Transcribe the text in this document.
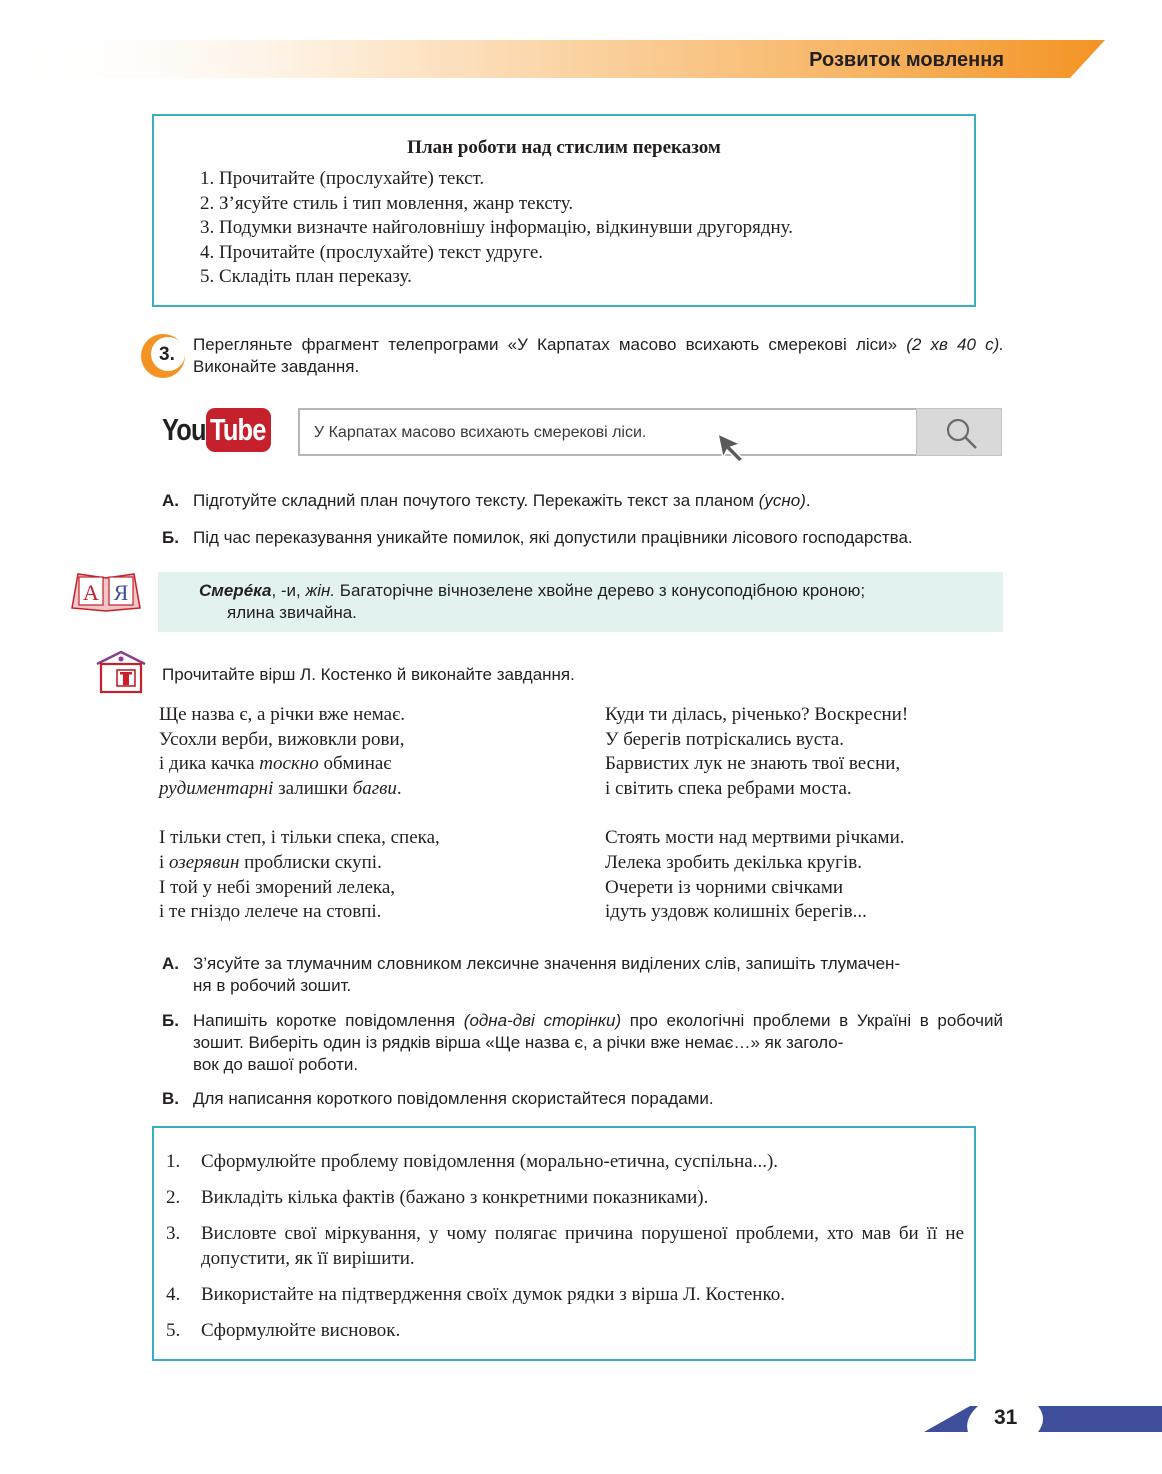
Розвиток мовлення
План роботи над стислим переказом
1. Прочитайте (прослухайте) текст.
2. З’ясуйте стиль і тип мовлення, жанр тексту.
3. Подумки визначте найголовнішу інформацію, відкинувши другорядну.
4. Прочитайте (прослухайте) текст удруге.
5. Складіть план переказу.
3. Перегляньте фрагмент телепрограми «У Карпатах масово всихають смерекові ліси» (2 хв 40 с). Виконайте завдання.
You Tube	У Карпатах масово всихають смерекові ліси.
А. Підготуйте складний план почутого тексту. Перекажіть текст за планом (усно).
Б. Під час переказування уникайте помилок, які допустили працівники лісового господарства.
А Я	Смерéка, -и, жін. Багаторічне вічнозелене хвойне дерево з конусоподібною кроною;
ялина звичайна.
Прочитайте вірш Л. Костенко й виконайте завдання.
Ще назва є, а річки вже немає.
Усохли верби, вижовкли рови,
і дика качка тоскно обминає
рудиментарні залишки багви.
І тільки степ, і тільки спека, спека,
і озерявин проблиски скупі.
І той у небі зморений лелека,
і те гніздо лелече на стовпі.
Куди ти ділась, річенько? Воскресни!
У берегів потріскались вуста.
Барвистих лук не знають твої весни,
і світить спека ребрами моста.
Стоять мости над мертвими річками.
Лелека зробить декілька кругів.
Очерети із чорними свічками
ідуть уздовж колишніх берегів...
А. З’ясуйте за тлумачним словником лексичне значення виділених слів, запишіть тлумачен-
ня в робочий зошит.
Б. Напишіть коротке повідомлення (одна-дві сторінки) про екологічні проблеми в Україні в робочий зошит. Виберіть один із рядків вірша «Ще назва є, а річки вже немає…» як заголо-
вок до вашої роботи.
В. Для написання короткого повідомлення скористайтеся порадами.
1. Сформулюйте проблему повідомлення (морально-етична, суспільна...).
2. Викладіть кілька фактів (бажано з конкретними показниками).
3. Висловте свої міркування, у чому полягає причина порушеної проблеми, хто мав би її не допустити, як її вирішити.
4. Використайте на підтвердження своїх думок рядки з вірша Л. Костенко.
5. Сформулюйте висновок.
31
